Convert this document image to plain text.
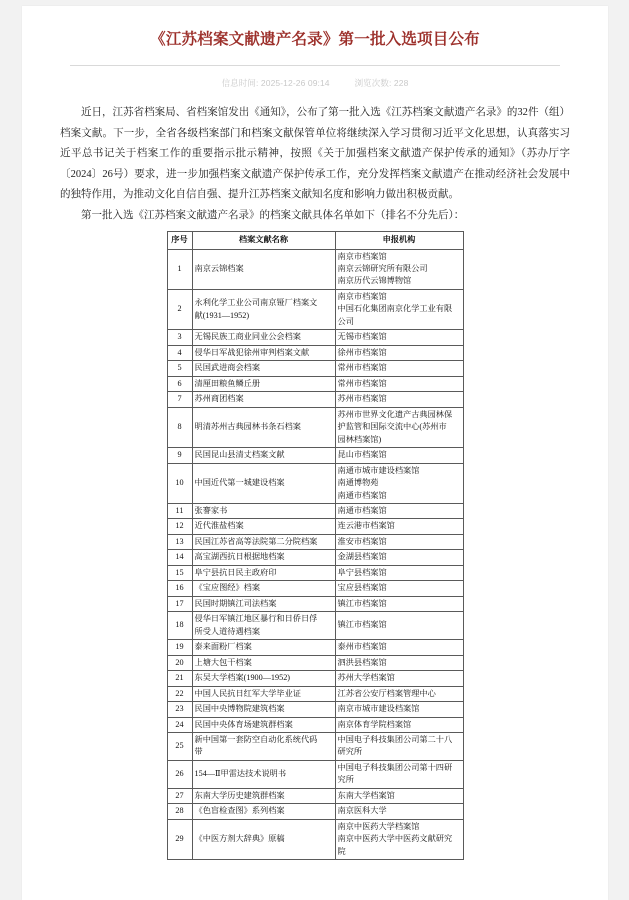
《江苏档案文献遗产名录》第一批入选项目公布
信息时间: 2025-12-26 09:14	浏览次数: 228

近日，江苏省档案局、省档案馆发出《通知》，公布了第一批入选《江苏档案文献遗产名录》的32件（组）档案文献。下一步，全省各级档案部门和档案文献保管单位将继续深入学习贯彻习近平文化思想，认真落实习近平总书记关于档案工作的重要指示批示精神，按照《关于加强档案文献遗产保护传承的通知》（苏办厅字〔2024〕26号）要求，进一步加强档案文献遗产保护传承工作，充分发挥档案文献遗产在推动经济社会发展中的独特作用，为推动文化自信自强、提升江苏档案文献知名度和影响力做出积极贡献。

第一批入选《江苏档案文献遗产名录》的档案文献具体名单如下（排名不分先后）：

序号	档案文献名称	申报机构
1	南京云锦档案	南京市档案馆
南京云锦研究所有限公司
南京历代云锦博物馆

2	永利化学工业公司南京铔厂档案文
献(1931—1952)	南京市档案馆
中国石化集团南京化学工业有限
公司

3	无锡民族工商业同业公会档案	无锡市档案馆

4	侵华日军战犯徐州审判档案文献	徐州市档案馆

5	民国武进商会档案	常州市档案馆

6	清厘田粮鱼鳞丘册	常州市档案馆

7	苏州商团档案	苏州市档案馆

8	明清苏州古典园林书条石档案	苏州市世界文化遗产古典园林保
护监管和国际交流中心(苏州市
园林档案馆)

9	民国昆山县清丈档案文献	昆山市档案馆

10	中国近代第一城建设档案	南通市城市建设档案馆
南通博物苑
南通市档案馆

11	张謇家书	南通市档案馆

12	近代淮盐档案	连云港市档案馆

13	民国江苏省高等法院第二分院档案	淮安市档案馆

14	高宝湖西抗日根据地档案	金湖县档案馆

15	阜宁县抗日民主政府印	阜宁县档案馆

16	《宝应图经》档案	宝应县档案馆

17	民国时期镇江司法档案	镇江市档案馆

18	侵华日军镇江地区暴行和日侨日俘
所受人道待遇档案	镇江市档案馆

19	泰来面粉厂档案	泰州市档案馆

20	上塘大包干档案	泗洪县档案馆

21	东吴大学档案(1900—1952)	苏州大学档案馆

22	中国人民抗日红军大学毕业证	江苏省公安厅档案管理中心

23	民国中央博物院建筑档案	南京市城市建设档案馆

24	民国中央体育场建筑群档案	南京体育学院档案馆

25	新中国第一套防空自动化系统代码
带	中国电子科技集团公司第二十八
研究所

26	154—Ⅱ甲雷达技术说明书	中国电子科技集团公司第十四研
究所

27	东南大学历史建筑群档案	东南大学档案馆

28	《色盲检查图》系列档案	南京医科大学

29	《中医方剂大辞典》原稿	南京中医药大学档案馆
南京中医药大学中医药文献研究
院
